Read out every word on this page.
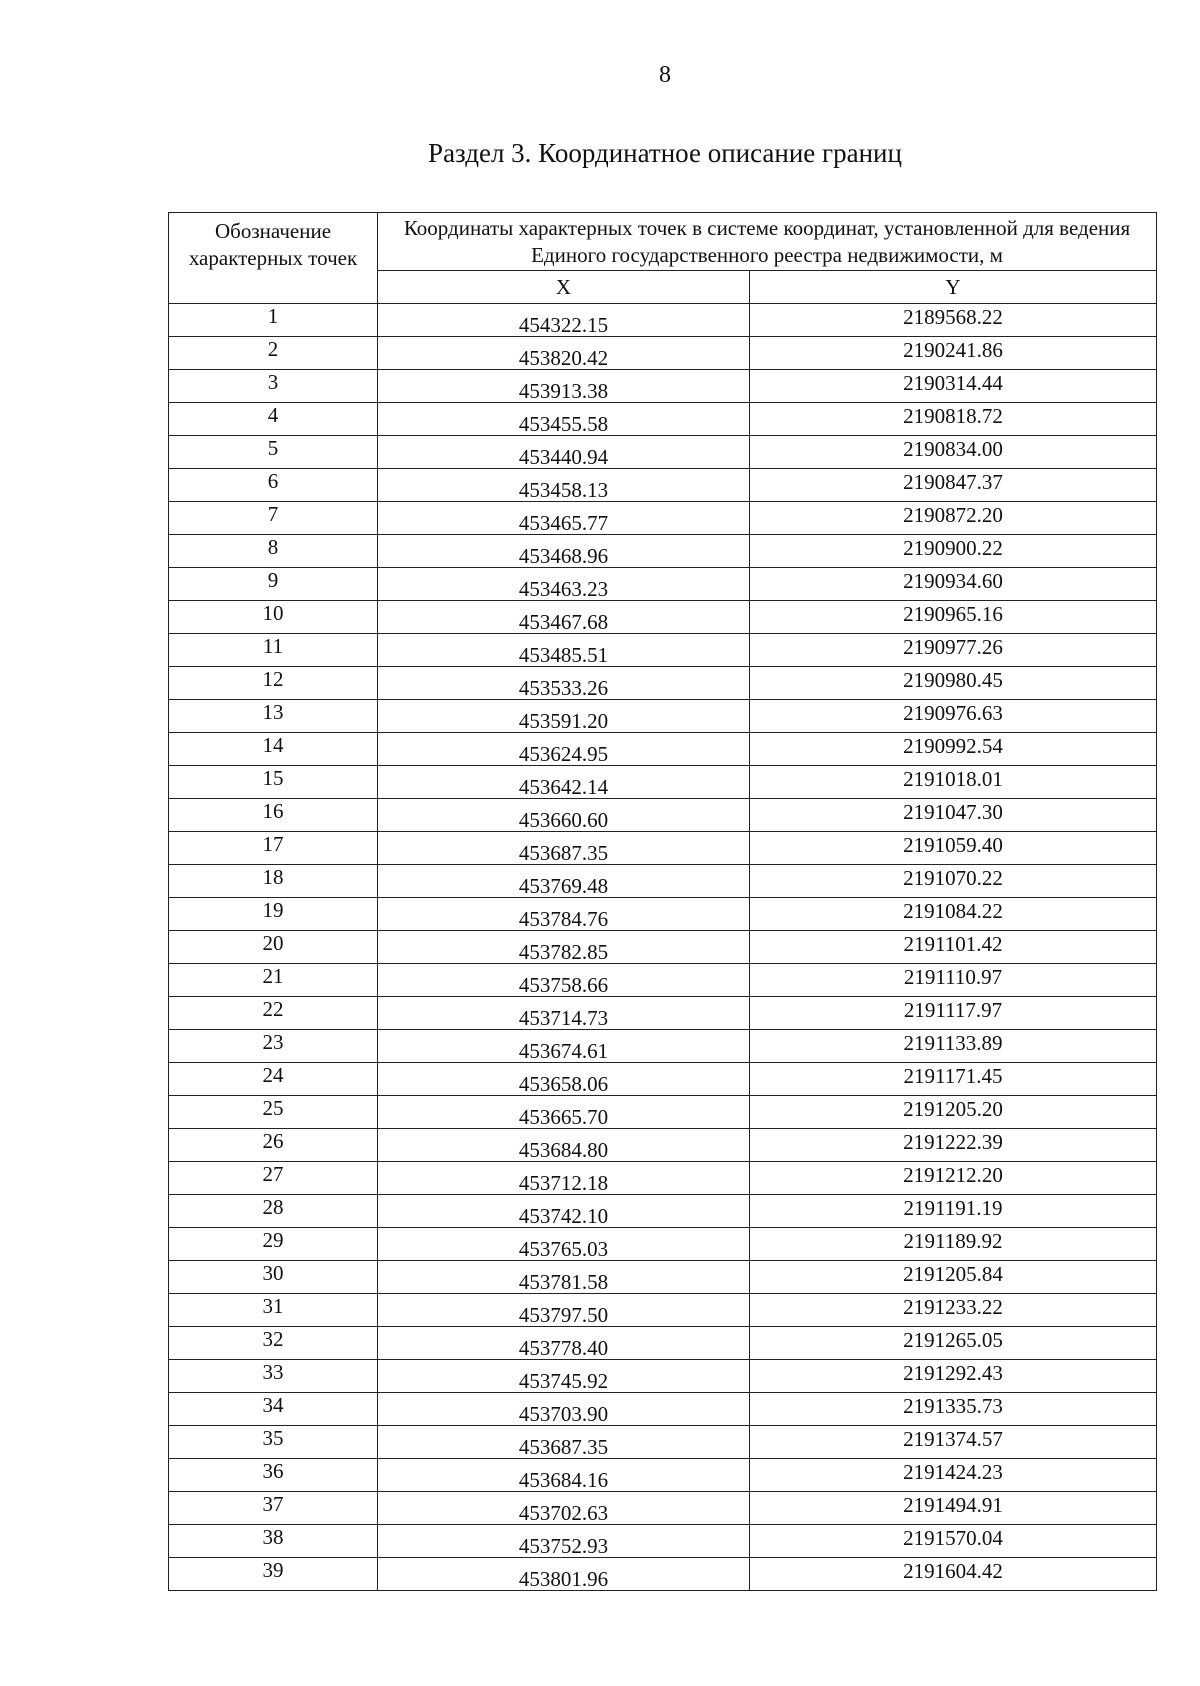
8
Раздел 3. Координатное описание границ
Обозначение характерных точек	Координаты характерных точек в системе координат, установленной для ведения Единого государственного реестра недвижимости, м	
	X	Y
1	454322.15	2189568.22
2	453820.42	2190241.86
3	453913.38	2190314.44
4	453455.58	2190818.72
5	453440.94	2190834.00
6	453458.13	2190847.37
7	453465.77	2190872.20
8	453468.96	2190900.22
9	453463.23	2190934.60
10	453467.68	2190965.16
11	453485.51	2190977.26
12	453533.26	2190980.45
13	453591.20	2190976.63
14	453624.95	2190992.54
15	453642.14	2191018.01
16	453660.60	2191047.30
17	453687.35	2191059.40
18	453769.48	2191070.22
19	453784.76	2191084.22
20	453782.85	2191101.42
21	453758.66	2191110.97
22	453714.73	2191117.97
23	453674.61	2191133.89
24	453658.06	2191171.45
25	453665.70	2191205.20
26	453684.80	2191222.39
27	453712.18	2191212.20
28	453742.10	2191191.19
29	453765.03	2191189.92
30	453781.58	2191205.84
31	453797.50	2191233.22
32	453778.40	2191265.05
33	453745.92	2191292.43
34	453703.90	2191335.73
35	453687.35	2191374.57
36	453684.16	2191424.23
37	453702.63	2191494.91
38	453752.93	2191570.04
39	453801.96	2191604.42
